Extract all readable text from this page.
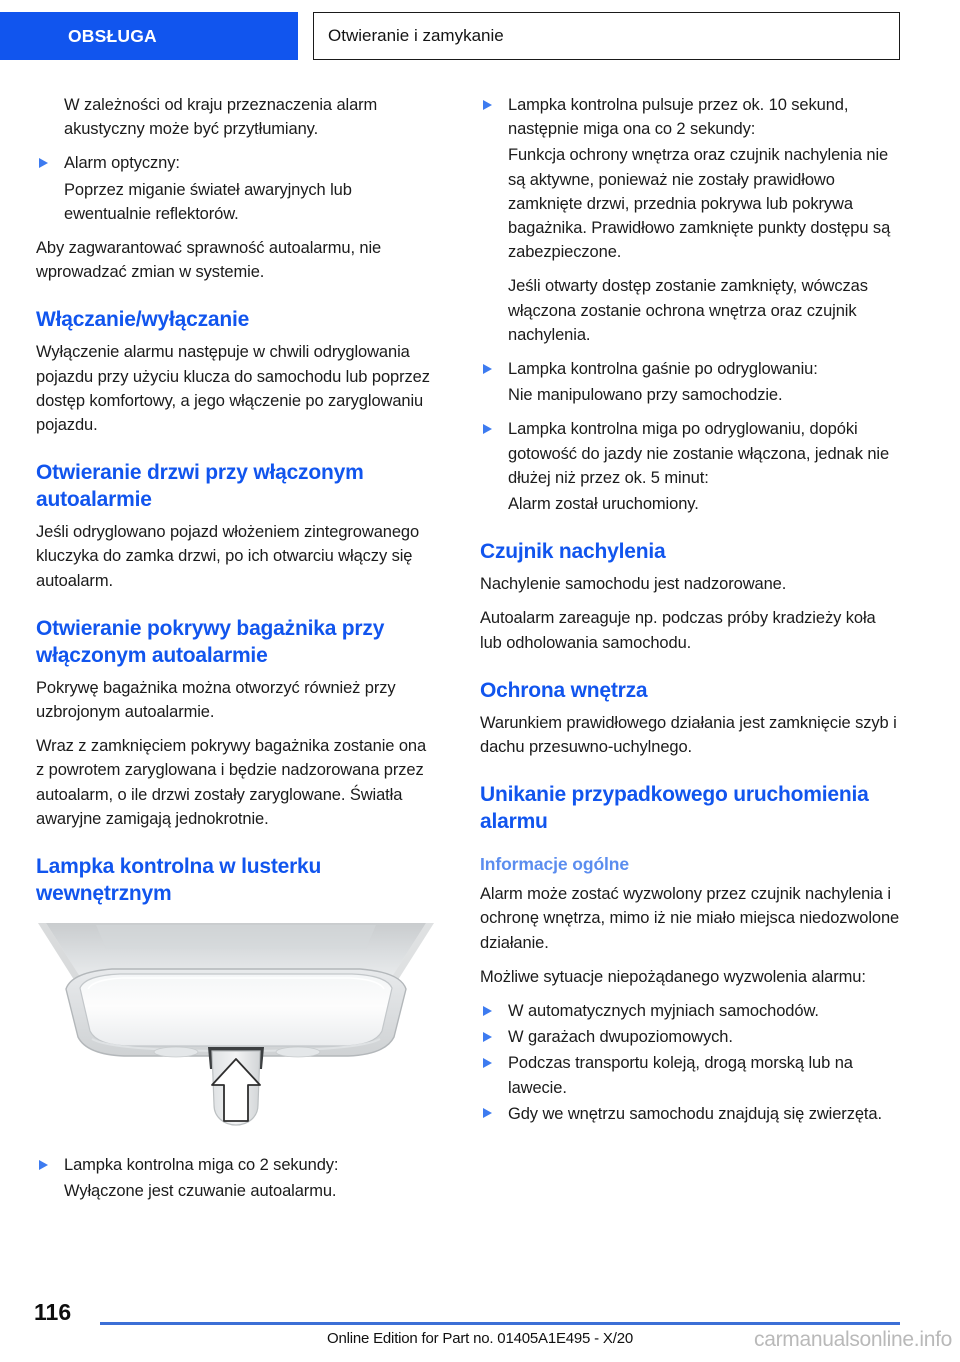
OBSŁUGA	Otwieranie i zamykanie

W zależności od kraju przeznaczenia alarm akustyczny może być przytłumiany.

Alarm optyczny:

Poprzez miganie świateł awaryjnych lub ewentualnie reflektorów.

Aby zagwarantować sprawność autoalarmu, nie wprowadzać zmian w systemie.

Włączanie/wyłączanie

Wyłączenie alarmu następuje w chwili odryglowania pojazdu przy użyciu klucza do samochodu lub poprzez dostęp komfortowy, a jego włączenie po zaryglowaniu pojazdu.

Otwieranie drzwi przy włączonym autoalarmie

Jeśli odryglowano pojazd włożeniem zintegrowanego kluczyka do zamka drzwi, po ich otwarciu włączy się autoalarm.

Otwieranie pokrywy bagażnika przy włączonym autoalarmie

Pokrywę bagażnika można otworzyć również przy uzbrojonym autoalarmie.

Wraz z zamknięciem pokrywy bagażnika zostanie ona z powrotem zaryglowana i będzie nadzorowana przez autoalarm, o ile drzwi zostały zaryglowane. Światła awaryjne zamigają jednokrotnie.

Lampka kontrolna w lusterku wewnętrznym
Lampka kontrolna miga co 2 sekundy:

Wyłączone jest czuwanie autoalarmu.

Lampka kontrolna pulsuje przez ok. 10 sekund, następnie miga ona co 2 sekundy:

Funkcja ochrony wnętrza oraz czujnik nachylenia nie są aktywne, ponieważ nie zostały prawidłowo zamknięte drzwi, przednia pokrywa lub pokrywa bagażnika. Prawidłowo zamknięte punkty dostępu są zabezpieczone.

Jeśli otwarty dostęp zostanie zamknięty, wówczas włączona zostanie ochrona wnętrza oraz czujnik nachylenia.

Lampka kontrolna gaśnie po odryglowaniu:

Nie manipulowano przy samochodzie.

Lampka kontrolna miga po odryglowaniu, dopóki gotowość do jazdy nie zostanie włączona, jednak nie dłużej niż przez ok. 5 minut:

Alarm został uruchomiony.

Czujnik nachylenia

Nachylenie samochodu jest nadzorowane.

Autoalarm zareaguje np. podczas próby kradzieży koła lub odholowania samochodu.

Ochrona wnętrza

Warunkiem prawidłowego działania jest zamknięcie szyb i dachu przesuwno-uchylnego.

Unikanie przypadkowego uruchomienia alarmu
Informacje ogólne

Alarm może zostać wyzwolony przez czujnik nachylenia i ochronę wnętrza, mimo iż nie miało miejsca niedozwolone działanie.

Możliwe sytuacje niepożądanego wyzwolenia alarmu:

W automatycznych myjniach samochodów.
W garażach dwupoziomowych.
Podczas transportu koleją, drogą morską lub na lawecie.
Gdy we wnętrzu samochodu znajdują się zwierzęta.
116
Online Edition for Part no. 01405A1E495 - X/20	carmanualsonline.info
